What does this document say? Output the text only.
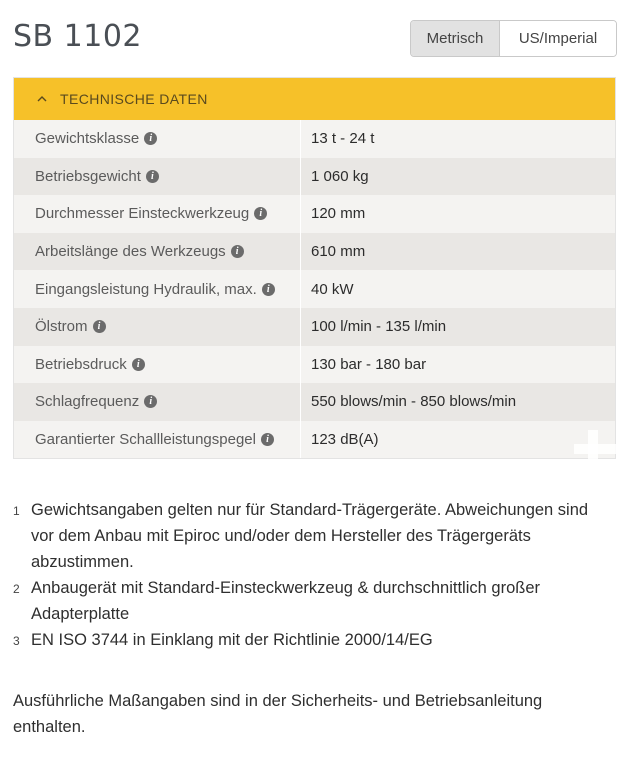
SB 1102	Metrisch	US/Imperial
TECHNISCHE DATEN
Gewichtsklasse	i	13 t - 24 t
Betriebsgewicht	i	1 060 kg
Durchmesser Einsteckwerkzeug	i	120 mm
Arbeitslänge des Werkzeugs	i	610 mm
Eingangsleistung Hydraulik, max.	i	40 kW
Ölstrom	i	100 l/min - 135 l/min
Betriebsdruck	i	130 bar - 180 bar
Schlagfrequenz	i	550 blows/min - 850 blows/min
Garantierter Schallleistungspegel	i	123 dB(A)
1 Gewichtsangaben gelten nur für Standard-Trägergeräte. Abweichungen sind vor dem Anbau mit Epiroc und/oder dem Hersteller des Trägergeräts abzustimmen.
2 Anbaugerät mit Standard-Einsteckwerkzeug & durchschnittlich großer Adapterplatte
3 EN ISO 3744 in Einklang mit der Richtlinie 2000/14/EG
Ausführliche Maßangaben sind in der Sicherheits- und Betriebsanleitung enthalten.
